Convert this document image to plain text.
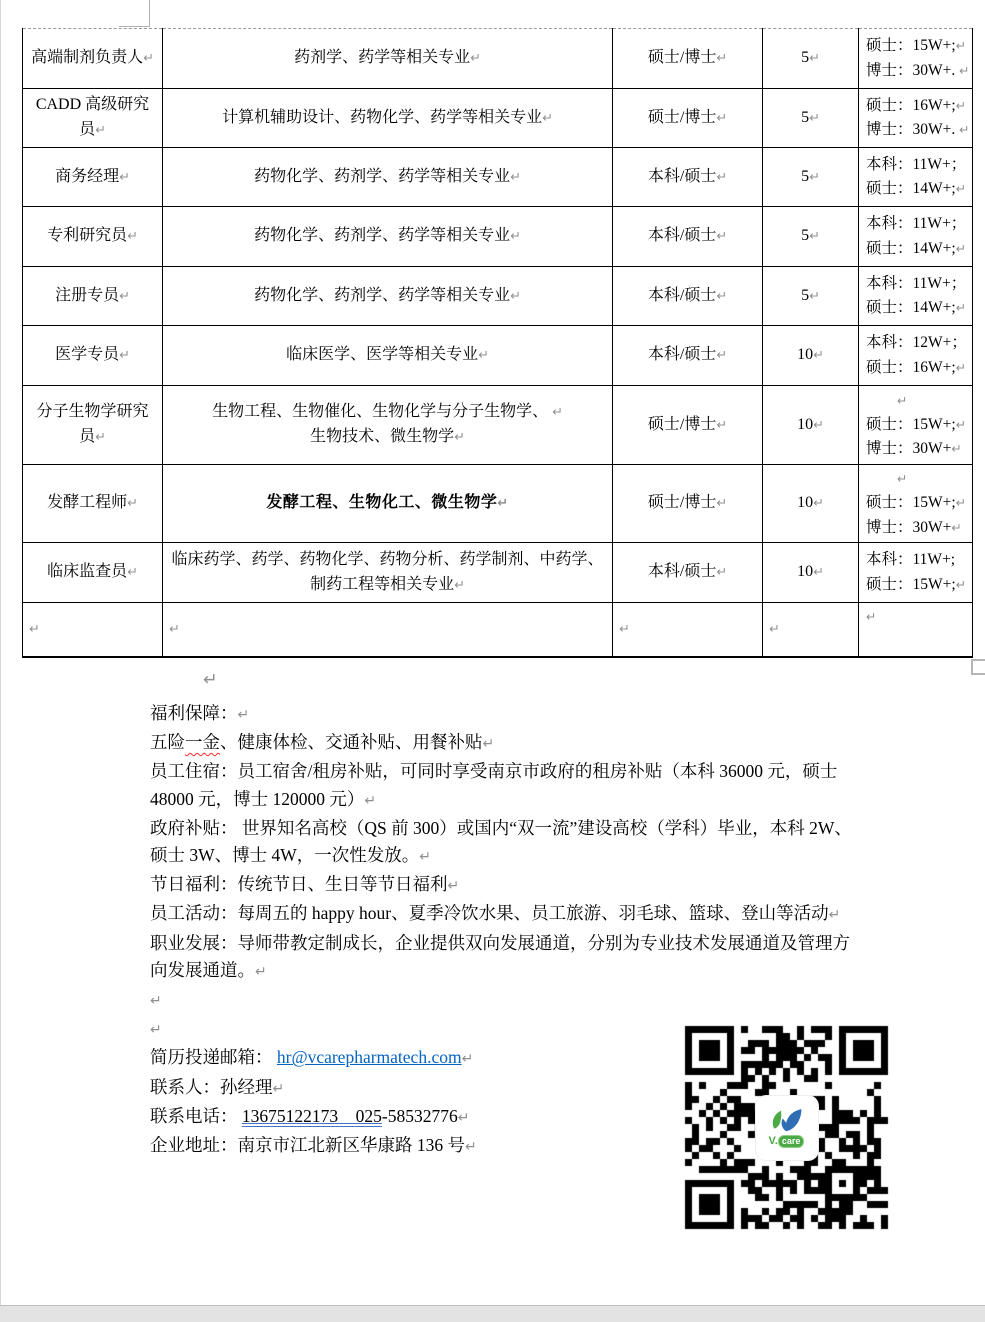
高端制剂负责人↵	药剂学、药学等相关专业↵	硕士/博士↵	5↵	硕士：15W+;↵
博士：30W+. ↵
CADD 高级研究员↵	计算机辅助设计、药物化学、药学等相关专业↵	硕士/博士↵	5↵	硕士：16W+;↵
博士：30W+. ↵
商务经理↵	药物化学、药剂学、药学等相关专业↵	本科/硕士↵	5↵	本科：11W+；
硕士：14W+;↵
专利研究员↵	药物化学、药剂学、药学等相关专业↵	本科/硕士↵	5↵	本科：11W+；
硕士：14W+;↵
注册专员↵	药物化学、药剂学、药学等相关专业↵	本科/硕士↵	5↵	本科：11W+；
硕士：14W+;↵
医学专员↵	临床医学、医学等相关专业↵	本科/硕士↵	10↵	本科：12W+；
硕士：16W+;↵
分子生物学研究员↵	生物工程、生物催化、生物化学与分子生物学、 ↵
生物技术、微生物学↵	硕士/博士↵	10↵	　　↵
硕士：15W+;↵
博士：30W+↵
发酵工程师↵	发酵工程、生物化工、微生物学↵	硕士/博士↵	10↵	　　↵
硕士：15W+;↵
博士：30W+↵
临床监查员↵	临床药学、药学、药物化学、药物分析、药学制剂、中药学、
制药工程等相关专业↵	本科/硕士↵	10↵	本科：11W+;
硕士：15W+;↵
↵	↵	↵	↵	↵
↵

福利保障：↵

五险一金、健康体检、交通补贴、用餐补贴↵

员工住宿：员工宿舍/租房补贴，可同时享受南京市政府的租房补贴（本科 36000 元，硕士 48000 元，博士 120000 元）↵

政府补贴： 世界知名高校（QS 前 300）或国内“双一流”建设高校（学科）毕业，本科 2W、硕士 3W、博士 4W，一次性发放。↵

节日福利：传统节日、生日等节日福利↵

员工活动：每周五的 happy hour、夏季冷饮水果、员工旅游、羽毛球、篮球、登山等活动↵

职业发展：导师带教定制成长，企业提供双向发展通道，分别为专业技术发展通道及管理方向发展通道。↵

↵

↵

简历投递邮箱： hr@vcarepharmatech.com↵

联系人：孙经理↵

联系电话： 13675122173    025-58532776↵

企业地址：南京市江北新区华康路 136 号↵	V. care
